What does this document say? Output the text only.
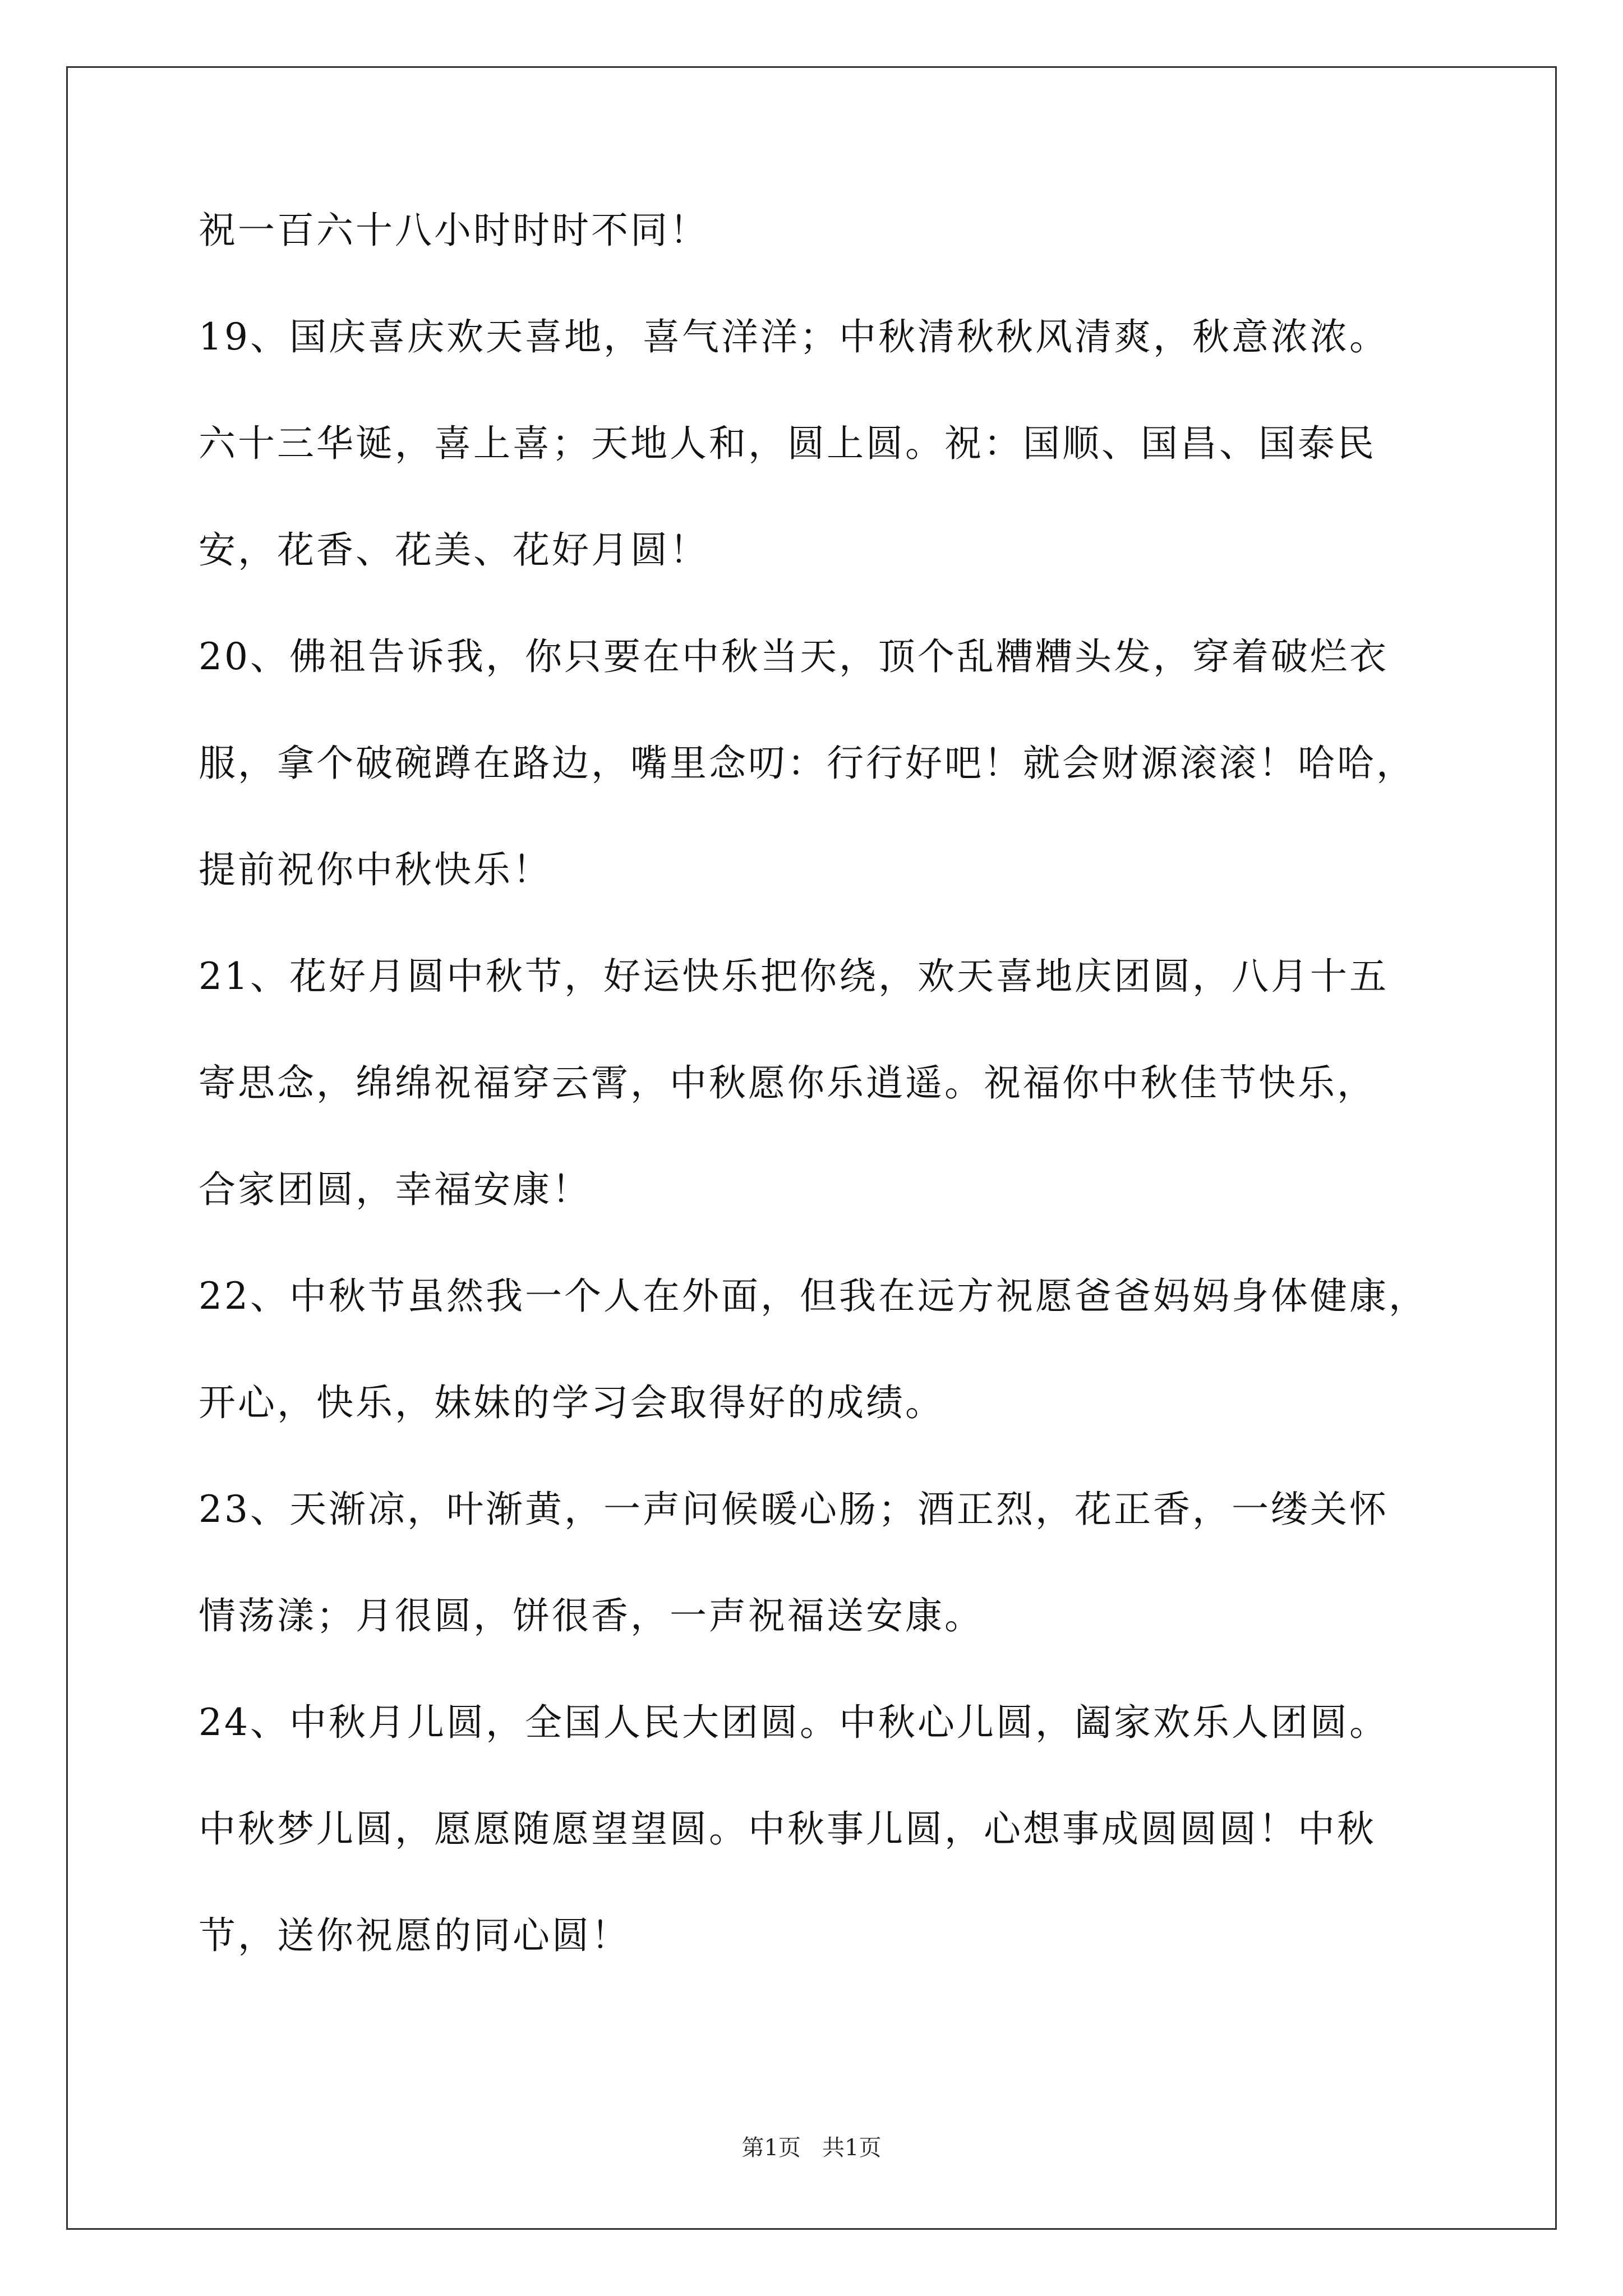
祝一百六十八小时时时不同！
19、国庆喜庆欢天喜地，喜气洋洋；中秋清秋秋风清爽，秋意浓浓。
六十三华诞，喜上喜；天地人和，圆上圆。祝：国顺、国昌、国泰民
安，花香、花美、花好月圆！
20、佛祖告诉我，你只要在中秋当天，顶个乱糟糟头发，穿着破烂衣
服，拿个破碗蹲在路边，嘴里念叨：行行好吧！就会财源滚滚！哈哈，
提前祝你中秋快乐！
21、花好月圆中秋节，好运快乐把你绕，欢天喜地庆团圆，八月十五
寄思念，绵绵祝福穿云霄，中秋愿你乐逍遥。祝福你中秋佳节快乐，
合家团圆，幸福安康！
22、中秋节虽然我一个人在外面，但我在远方祝愿爸爸妈妈身体健康，
开心，快乐，妹妹的学习会取得好的成绩。
23、天渐凉，叶渐黄，一声问候暖心肠；酒正烈，花正香，一缕关怀
情荡漾；月很圆，饼很香，一声祝福送安康。
24、中秋月儿圆，全国人民大团圆。中秋心儿圆，阖家欢乐人团圆。
中秋梦儿圆，愿愿随愿望望圆。中秋事儿圆，心想事成圆圆圆！中秋
节，送你祝愿的同心圆！
第1页   共1页
